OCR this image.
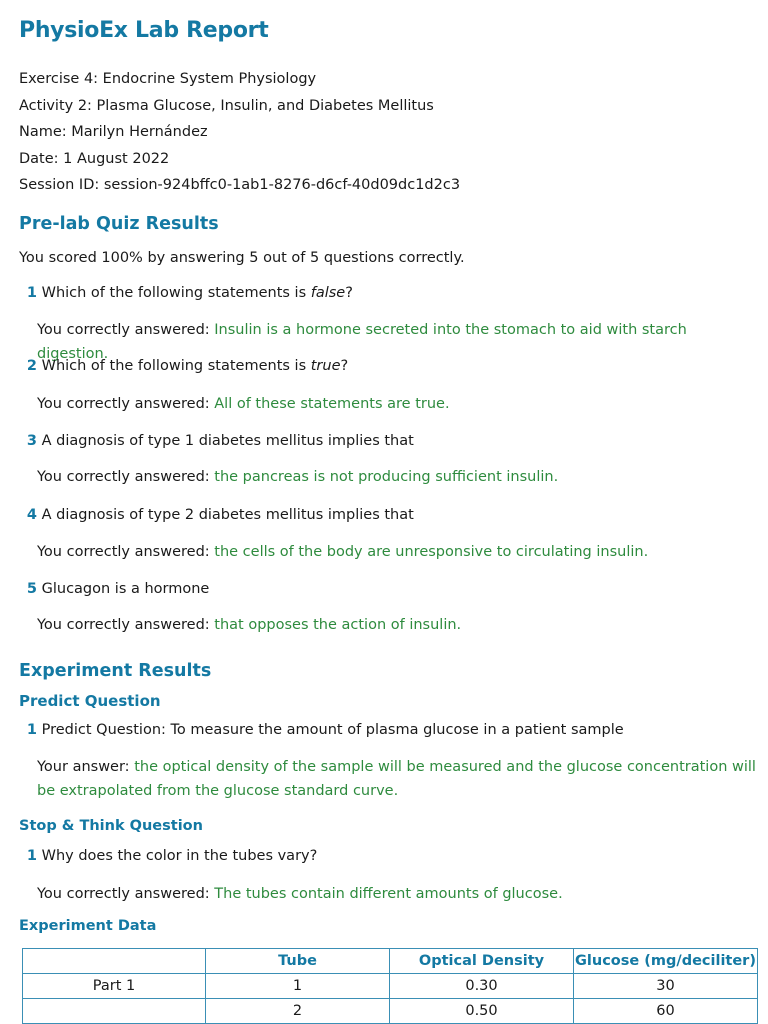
PhysioEx Lab Report
Exercise 4: Endocrine System Physiology
Activity 2: Plasma Glucose, Insulin, and Diabetes Mellitus
Name: Marilyn Hernández
Date: 1 August 2022
Session ID: session-924bffc0-1ab1-8276-d6cf-40d09dc1d2c3
Pre-lab Quiz Results
You scored 100% by answering 5 out of 5 questions correctly.
1 Which of the following statements is false?
You correctly answered: Insulin is a hormone secreted into the stomach to aid with starch digestion.
2 Which of the following statements is true?
You correctly answered: All of these statements are true.
3 A diagnosis of type 1 diabetes mellitus implies that
You correctly answered: the pancreas is not producing sufficient insulin.
4 A diagnosis of type 2 diabetes mellitus implies that
You correctly answered: the cells of the body are unresponsive to circulating insulin.
5 Glucagon is a hormone
You correctly answered: that opposes the action of insulin.
Experiment Results
Predict Question
1 Predict Question: To measure the amount of plasma glucose in a patient sample
Your answer: the optical density of the sample will be measured and the glucose concentration will be extrapolated from the glucose standard curve.
Stop & Think Question
1 Why does the color in the tubes vary?
You correctly answered: The tubes contain different amounts of glucose.
Experiment Data
	Tube	Optical Density	Glucose (mg/deciliter)
Part 1	1	0.30	30
	2	0.50	60
